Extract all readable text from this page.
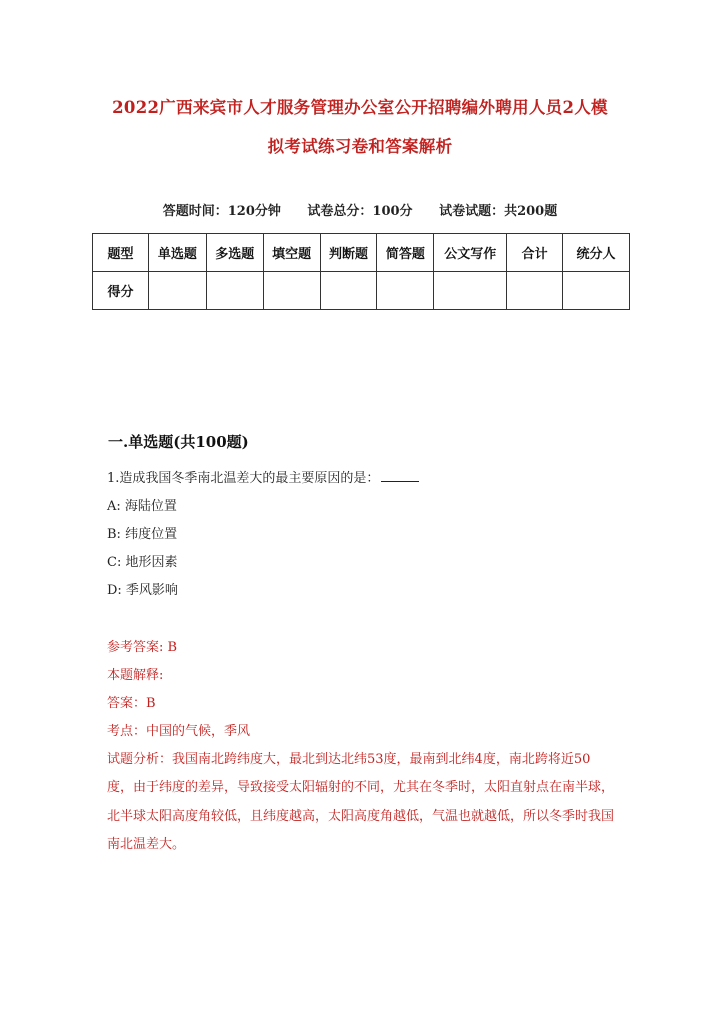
2022广西来宾市人才服务管理办公室公开招聘编外聘用人员2人模
拟考试练习卷和答案解析
答题时间：120分钟 试卷总分：100分 试卷试题：共200题
题型	单选题	多选题	填空题	判断题	简答题	公文写作	合计	统分人
得分								
一.单选题(共100题)
1.造成我国冬季南北温差大的最主要原因的是：
A: 海陆位置
B: 纬度位置
C: 地形因素
D: 季风影响
参考答案: B
本题解释:
答案：B
考点：中国的气候，季风
试题分析：我国南北跨纬度大，最北到达北纬53度，最南到北纬4度，南北跨将近50度，由于纬度的差异，导致接受太阳辐射的不同，尤其在冬季时，太阳直射点在南半球，北半球太阳高度角较低，且纬度越高，太阳高度角越低，气温也就越低，所以冬季时我国南北温差大。
